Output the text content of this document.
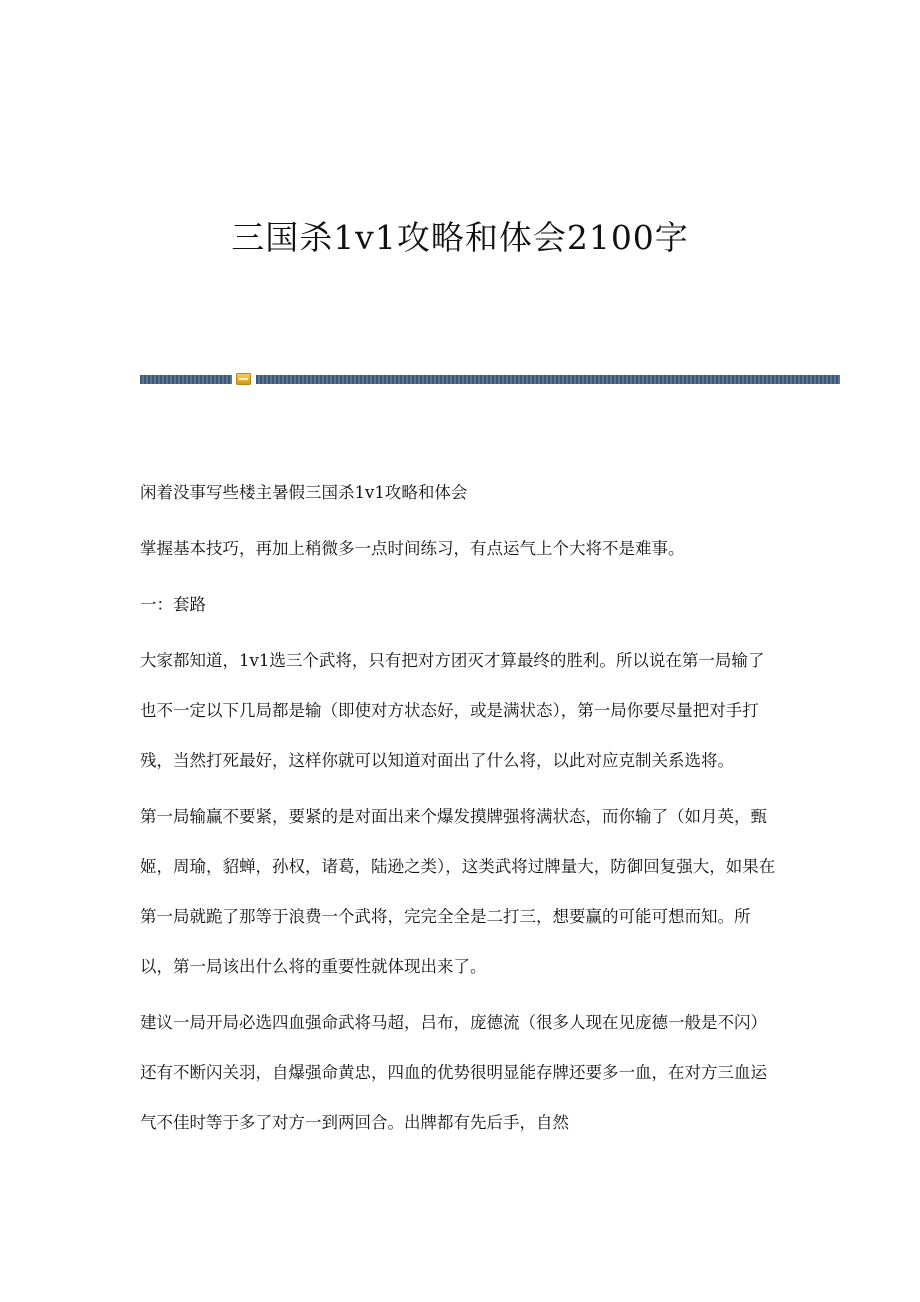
三国杀1v1攻略和体会2100字

闲着没事写些楼主暑假三国杀1v1攻略和体会

掌握基本技巧，再加上稍微多一点时间练习，有点运气上个大将不是难事。

一：套路

大家都知道，1v1选三个武将，只有把对方团灭才算最终的胜利。所以说在第一局输了也不一定以下几局都是输（即使对方状态好，或是满状态），第一局你要尽量把对手打残，当然打死最好，这样你就可以知道对面出了什么将，以此对应克制关系选将。

第一局输赢不要紧，要紧的是对面出来个爆发摸牌强将满状态，而你输了（如月英，甄姬，周瑜，貂蝉，孙权，诸葛，陆逊之类），这类武将过牌量大，防御回复强大，如果在第一局就跪了那等于浪费一个武将，完完全全是二打三，想要赢的可能可想而知。所以，第一局该出什么将的重要性就体现出来了。

建议一局开局必选四血强命武将马超，吕布，庞德流（很多人现在见庞德一般是不闪）还有不断闪关羽，自爆强命黄忠，四血的优势很明显能存牌还要多一血，在对方三血运气不佳时等于多了对方一到两回合。出牌都有先后手，自然
